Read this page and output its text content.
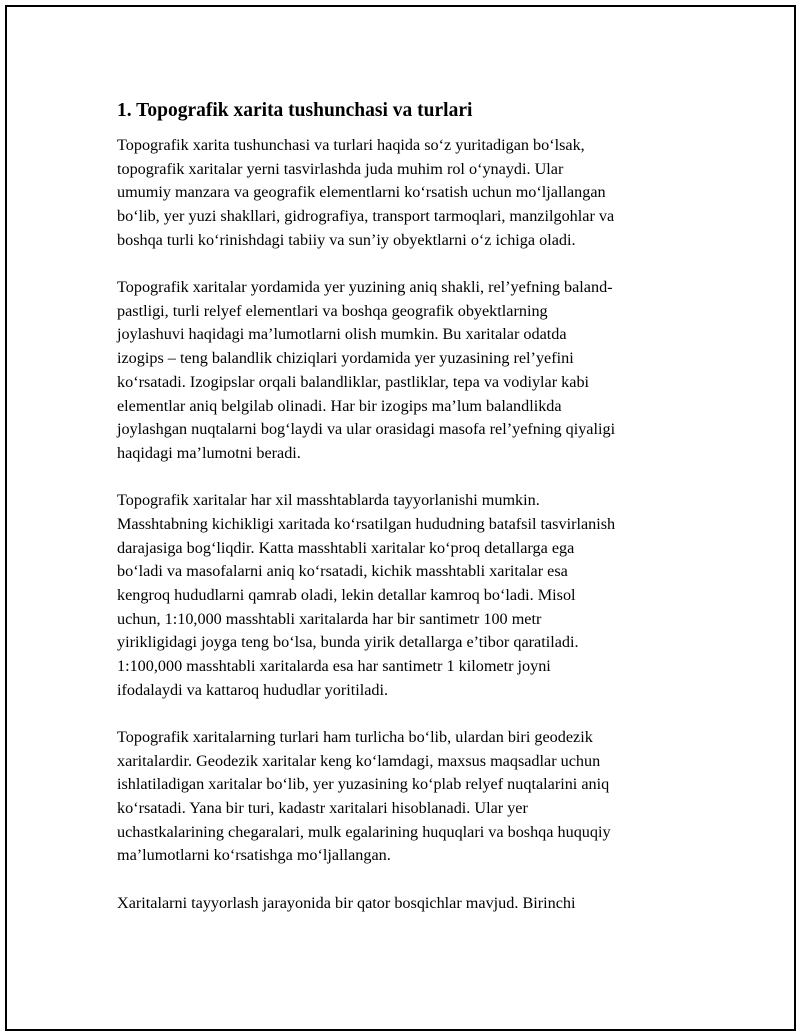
1. Topografik xarita tushunchasi va turlari

Topografik xarita tushunchasi va turlari haqida so‘z yuritadigan bo‘lsak,
topografik xaritalar yerni tasvirlashda juda muhim rol o‘ynaydi. Ular
umumiy manzara va geografik elementlarni ko‘rsatish uchun mo‘ljallangan
bo‘lib, yer yuzi shakllari, gidrografiya, transport tarmoqlari, manzilgohlar va
boshqa turli ko‘rinishdagi tabiiy va sun’iy obyektlarni o‘z ichiga oladi.

Topografik xaritalar yordamida yer yuzining aniq shakli, rel’yefning baland-
pastligi, turli relyef elementlari va boshqa geografik obyektlarning
joylashuvi haqidagi ma’lumotlarni olish mumkin. Bu xaritalar odatda
izogips – teng balandlik chiziqlari yordamida yer yuzasining rel’yefini
ko‘rsatadi. Izogipslar orqali balandliklar, pastliklar, tepa va vodiylar kabi
elementlar aniq belgilab olinadi. Har bir izogips ma’lum balandlikda
joylashgan nuqtalarni bog‘laydi va ular orasidagi masofa rel’yefning qiyaligi
haqidagi ma’lumotni beradi.

Topografik xaritalar har xil masshtablarda tayyorlanishi mumkin.
Masshtabning kichikligi xaritada ko‘rsatilgan hududning batafsil tasvirlanish
darajasiga bog‘liqdir. Katta masshtabli xaritalar ko‘proq detallarga ega
bo‘ladi va masofalarni aniq ko‘rsatadi, kichik masshtabli xaritalar esa
kengroq hududlarni qamrab oladi, lekin detallar kamroq bo‘ladi. Misol
uchun, 1:10,000 masshtabli xaritalarda har bir santimetr 100 metr
yirikligidagi joyga teng bo‘lsa, bunda yirik detallarga e’tibor qaratiladi.
1:100,000 masshtabli xaritalarda esa har santimetr 1 kilometr joyni
ifodalaydi va kattaroq hududlar yoritiladi.

Topografik xaritalarning turlari ham turlicha bo‘lib, ulardan biri geodezik
xaritalardir. Geodezik xaritalar keng ko‘lamdagi, maxsus maqsadlar uchun
ishlatiladigan xaritalar bo‘lib, yer yuzasining ko‘plab relyef nuqtalarini aniq
ko‘rsatadi. Yana bir turi, kadastr xaritalari hisoblanadi. Ular yer
uchastkalarining chegaralari, mulk egalarining huquqlari va boshqa huquqiy
ma’lumotlarni ko‘rsatishga mo‘ljallangan.

Xaritalarni tayyorlash jarayonida bir qator bosqichlar mavjud. Birinchi
